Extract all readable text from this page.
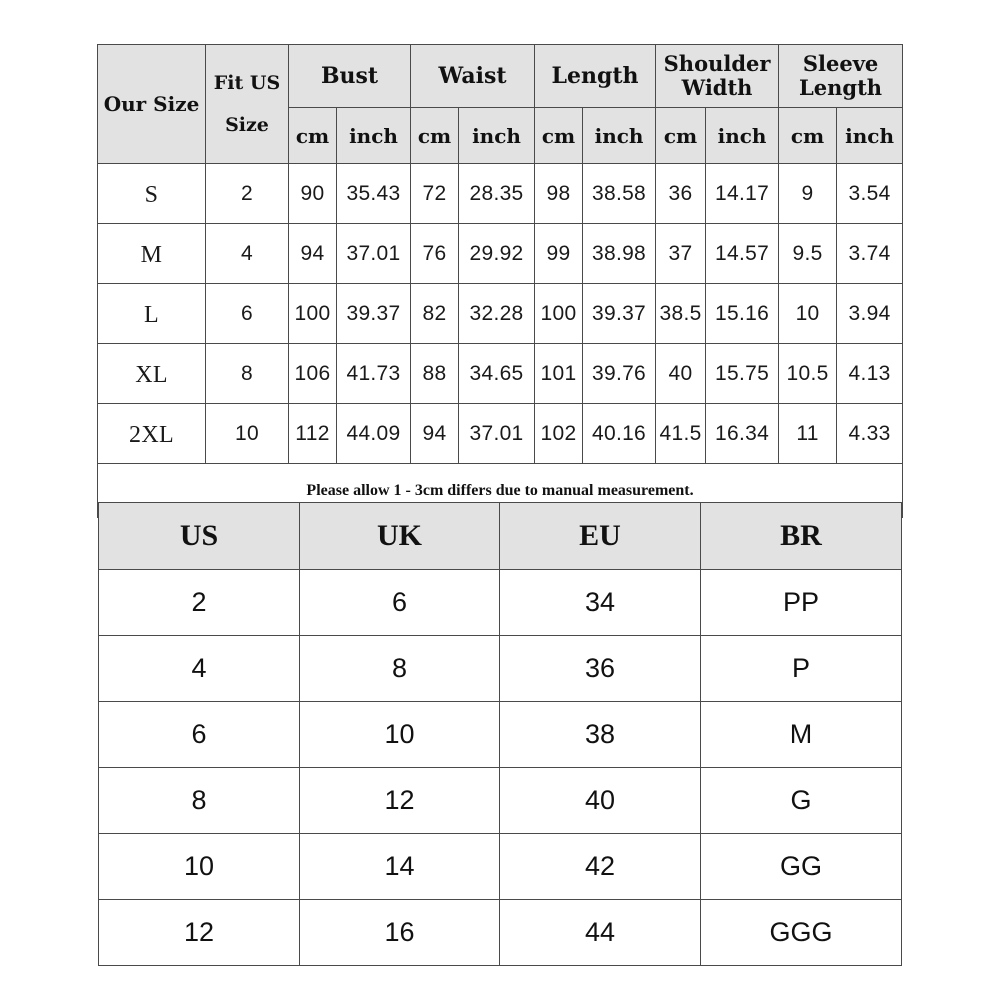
Our Size	Fit US Size	Bust		Waist		Length		Shoulder Width		Sleeve Length	
		cm	inch	cm	inch	cm	inch	cm	inch	cm	inch
S	2	90	35.43	72	28.35	98	38.58	36	14.17	9	3.54
M	4	94	37.01	76	29.92	99	38.98	37	14.57	9.5	3.74
L	6	100	39.37	82	32.28	100	39.37	38.5	15.16	10	3.94
XL	8	106	41.73	88	34.65	101	39.76	40	15.75	10.5	4.13
2XL	10	112	44.09	94	37.01	102	40.16	41.5	16.34	11	4.33
Please allow 1 - 3cm differs due to manual measurement.											
US	UK	EU	BR
2	6	34	PP
4	8	36	P
6	10	38	M
8	12	40	G
10	14	42	GG
12	16	44	GGG
